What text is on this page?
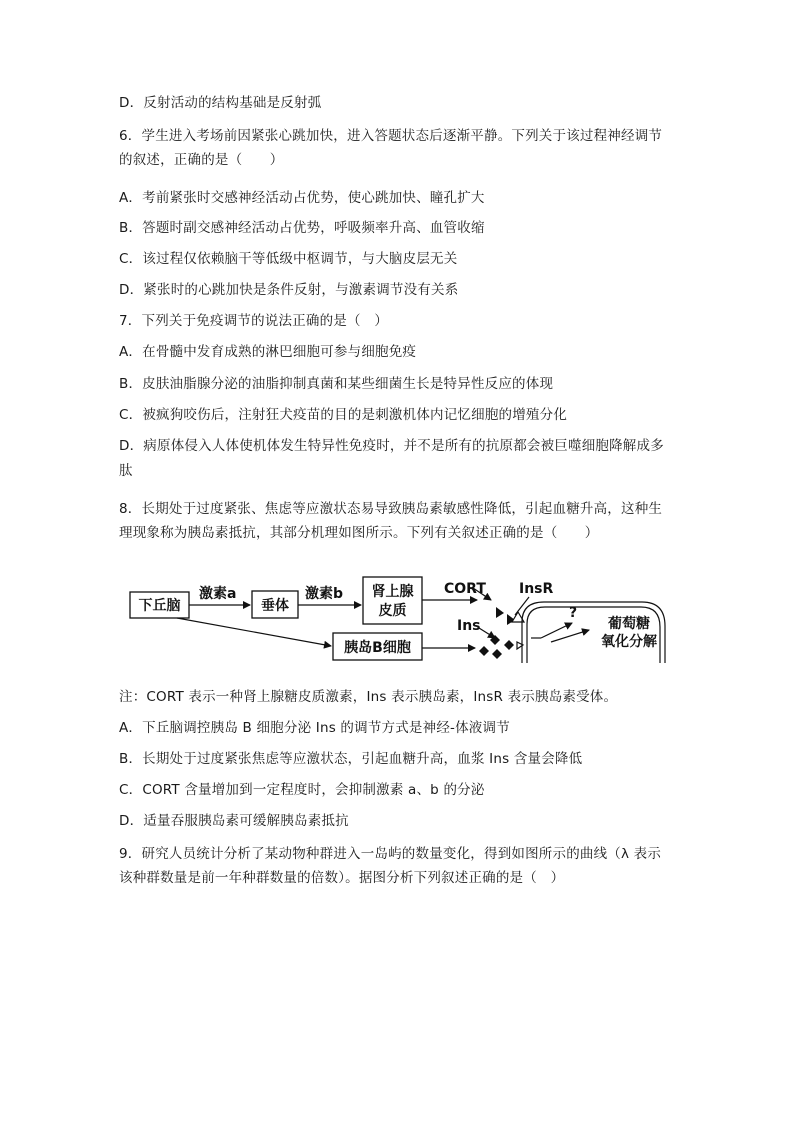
D．反射活动的结构基础是反射弧
6．学生进入考场前因紧张心跳加快，进入答题状态后逐渐平静。下列关于该过程神经调节
的叙述，正确的是（　　）
A．考前紧张时交感神经活动占优势，使心跳加快、瞳孔扩大
B．答题时副交感神经活动占优势，呼吸频率升高、血管收缩
C．该过程仅依赖脑干等低级中枢调节，与大脑皮层无关
D．紧张时的心跳加快是条件反射，与激素调节没有关系
7．下列关于免疫调节的说法正确的是（　）
A．在骨髓中发育成熟的淋巴细胞可参与细胞免疫
B．皮肤油脂腺分泌的油脂抑制真菌和某些细菌生长是特异性反应的体现
C．被疯狗咬伤后，注射狂犬疫苗的目的是刺激机体内记忆细胞的增殖分化
D．病原体侵入人体使机体发生特异性免疫时，并不是所有的抗原都会被巨噬细胞降解成多
肽
8．长期处于过度紧张、焦虑等应激状态易导致胰岛素敏感性降低，引起血糖升高，这种生
理现象称为胰岛素抵抗，其部分机理如图所示。下列有关叙述正确的是（　　）
下丘脑	垂体
肾上腺
皮质
胰岛B细胞
激素a	激素b	CORT InsR
Ins
?
葡萄糖
氧化分解
注：CORT 表示一种肾上腺糖皮质激素，Ins 表示胰岛素，InsR 表示胰岛素受体。
A．下丘脑调控胰岛 B 细胞分泌 Ins 的调节方式是神经-体液调节
B．长期处于过度紧张焦虑等应激状态，引起血糖升高，血浆 Ins 含量会降低
C．CORT 含量增加到一定程度时，会抑制激素 a、b 的分泌
D．适量吞服胰岛素可缓解胰岛素抵抗
9．研究人员统计分析了某动物种群进入一岛屿的数量变化，得到如图所示的曲线（λ 表示
该种群数量是前一年种群数量的倍数）。据图分析下列叙述正确的是（　）
